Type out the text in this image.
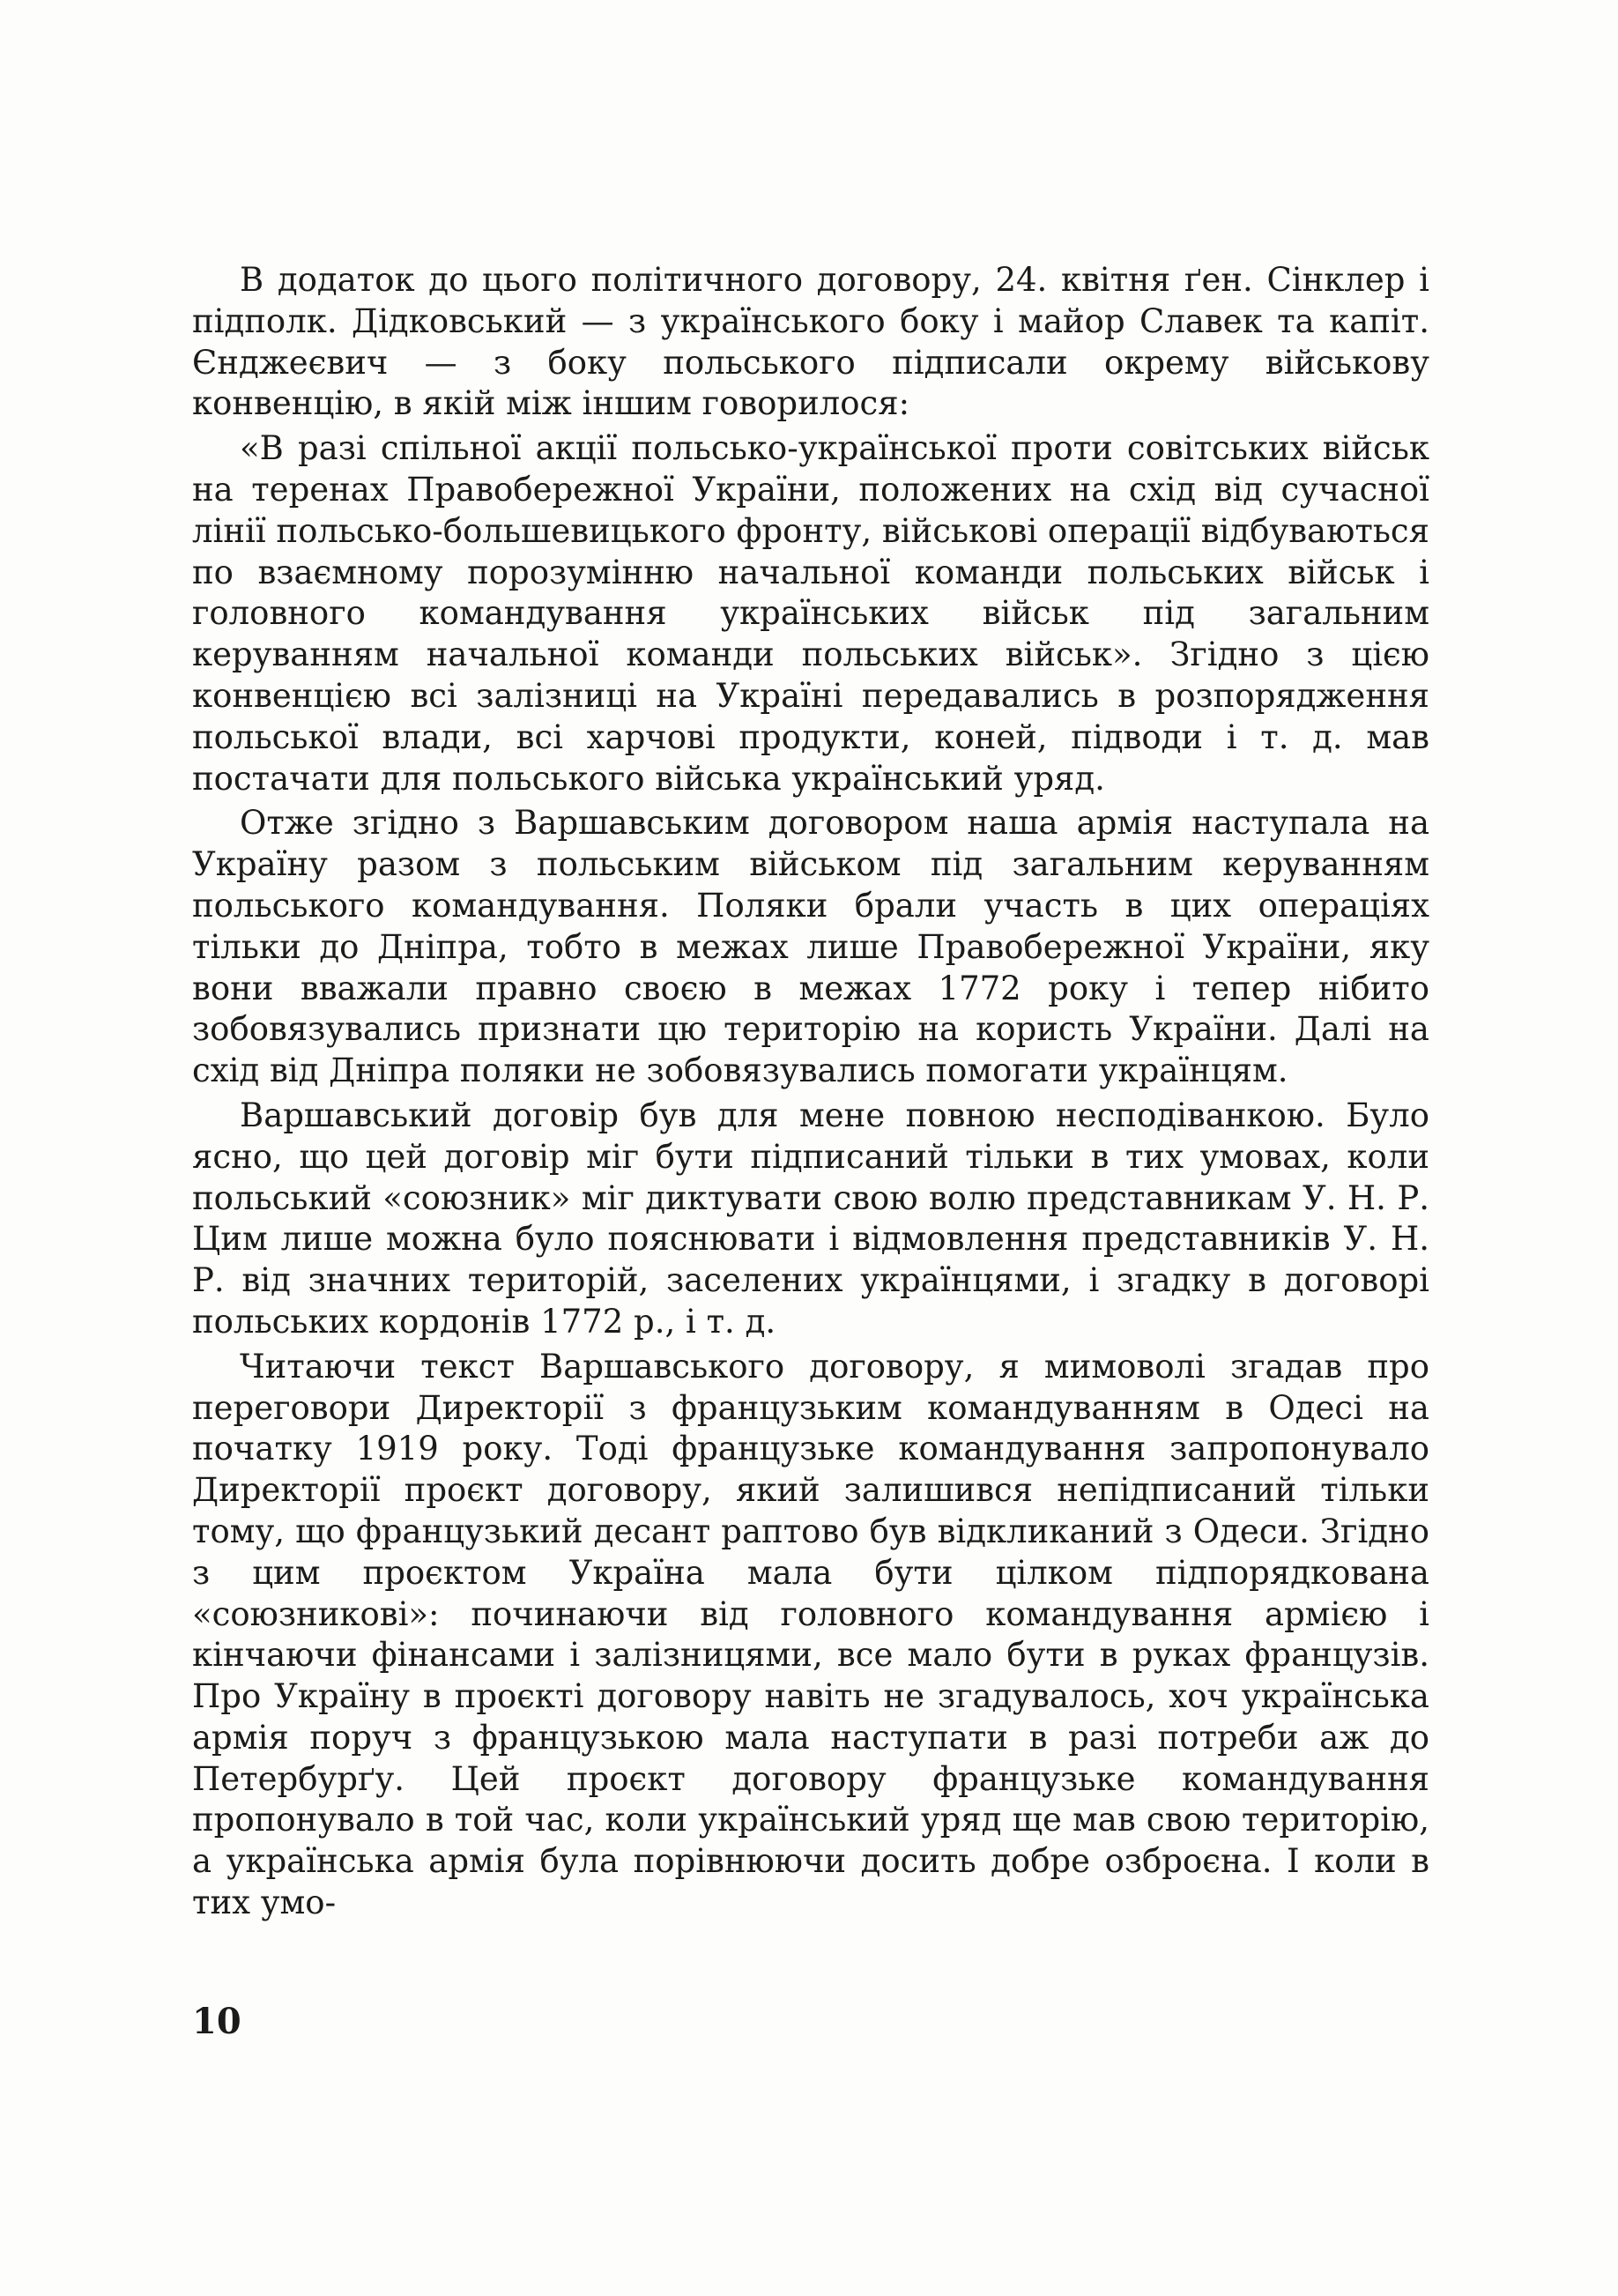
В додаток до цього політичного договору, 24. квітня ґен. Сінклер і підполк. Дідковський — з українського боку і майор Славек та капіт. Єнджеєвич — з боку польського підписали окрему військову конвенцію, в якій між іншим говорилося:

«В разі спільної акції польсько-української проти совітських військ на теренах Правобережної України, положених на схід від сучасної лінії польсько-большевицького фронту, військові операції відбуваються по взаємному порозумінню начальної команди польських військ і головного командування українських військ під загальним керуванням начальної команди польських військ». Згідно з цією конвенцією всі залізниці на Україні передавались в розпорядження польської влади, всі харчові продукти, коней, підводи і т. д. мав постачати для польського війська український уряд.

Отже згідно з Варшавським договором наша армія наступала на Україну разом з польським військом під загальним керуванням польського командування. Поляки брали участь в цих операціях тільки до Дніпра, тобто в межах лише Правобережної України, яку вони вважали правно своєю в межах 1772 року і тепер нібито зобовязувались признати цю територію на користь України. Далі на схід від Дніпра поляки не зобовязувались помогати українцям.

Варшавський договір був для мене повною несподіванкою. Було ясно, що цей договір міг бути підписаний тільки в тих умовах, коли польський «союзник» міг диктувати свою волю представникам У. Н. Р. Цим лише можна було пояснювати і відмовлення представників У. Н. Р. від значних територій, заселених українцями, і згадку в договорі польських кордонів 1772 р., і т. д.

Читаючи текст Варшавського договору, я мимоволі згадав про переговори Директорії з французьким командуванням в Одесі на початку 1919 року. Тоді французьке командування запропонувало Директорії проєкт договору, який залишився непідписаний тільки тому, що французький десант раптово був відкликаний з Одеси. Згідно з цим проєктом Україна мала бути цілком підпорядкована «союзникові»: починаючи від головного командування армією і кінчаючи фінансами і залізницями, все мало бути в руках французів. Про Україну в проєкті договору навіть не згадувалось, хоч українська армія поруч з французькою мала наступати в разі потреби аж до Петербурґу. Цей проєкт договору французьке командування пропонувало в той час, коли український уряд ще мав свою територію, а українська армія була порівнюючи досить добре озброєна. І коли в тих умо-

10
